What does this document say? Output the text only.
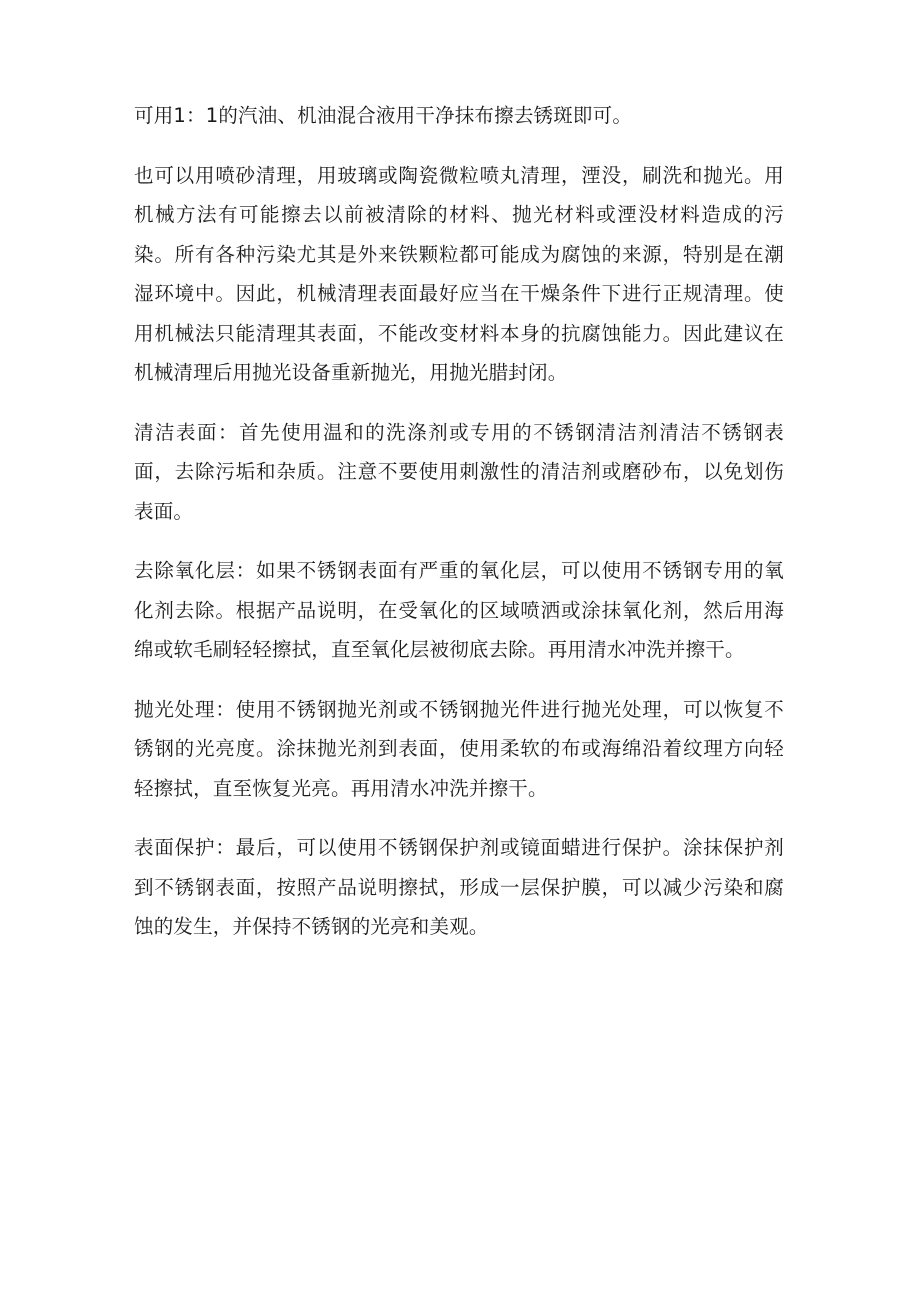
可用1：1的汽油、机油混合液用干净抹布擦去锈斑即可。

也可以用喷砂清理，用玻璃或陶瓷微粒喷丸清理，湮没，刷洗和抛光。用机械方法有可能擦去以前被清除的材料、抛光材料或湮没材料造成的污染。所有各种污染尤其是外来铁颗粒都可能成为腐蚀的来源，特别是在潮湿环境中。因此，机械清理表面最好应当在干燥条件下进行正规清理。使用机械法只能清理其表面，不能改变材料本身的抗腐蚀能力。因此建议在机械清理后用抛光设备重新抛光，用抛光腊封闭。

清洁表面：首先使用温和的洗涤剂或专用的不锈钢清洁剂清洁不锈钢表面，去除污垢和杂质。注意不要使用刺激性的清洁剂或磨砂布，以免划伤表面。

去除氧化层：如果不锈钢表面有严重的氧化层，可以使用不锈钢专用的氧化剂去除。根据产品说明，在受氧化的区域喷洒或涂抹氧化剂，然后用海绵或软毛刷轻轻擦拭，直至氧化层被彻底去除。再用清水冲洗并擦干。

抛光处理：使用不锈钢抛光剂或不锈钢抛光件进行抛光处理，可以恢复不锈钢的光亮度。涂抹抛光剂到表面，使用柔软的布或海绵沿着纹理方向轻轻擦拭，直至恢复光亮。再用清水冲洗并擦干。

表面保护：最后，可以使用不锈钢保护剂或镜面蜡进行保护。涂抹保护剂到不锈钢表面，按照产品说明擦拭，形成一层保护膜，可以减少污染和腐蚀的发生，并保持不锈钢的光亮和美观。
